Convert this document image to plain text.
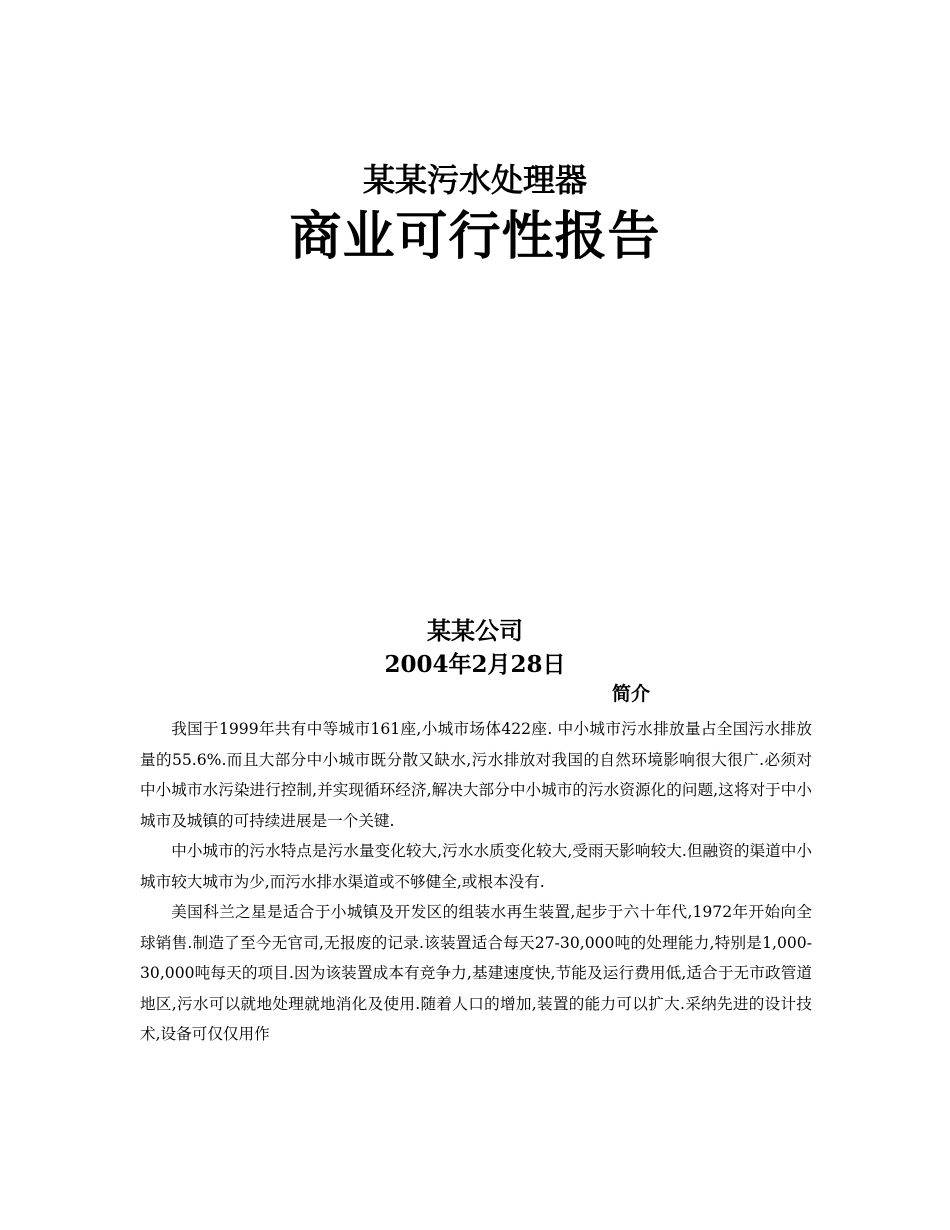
某某污水处理器
商业可行性报告
某某公司
2004年2月28日
简介

我国于1999年共有中等城市161座,小城市场体422座. 中小城市污水排放量占全国污水排放量的55.6%.而且大部分中小城市既分散又缺水,污水排放对我国的自然环境影响很大很广.必须对中小城市水污染进行控制,并实现循环经济,解决大部分中小城市的污水资源化的问题,这将对于中小城市及城镇的可持续进展是一个关键.

中小城市的污水特点是污水量变化较大,污水水质变化较大,受雨天影响较大.但融资的渠道中小城市较大城市为少,而污水排水渠道或不够健全,或根本没有.

美国科兰之星是适合于小城镇及开发区的组装水再生装置,起步于六十年代,1972年开始向全球销售.制造了至今无官司,无报废的记录.该装置适合每天27-30,000吨的处理能力,特别是1,000-30,000吨每天的项目.因为该装置成本有竞争力,基建速度快,节能及运行费用低,适合于无市政管道地区,污水可以就地处理就地消化及使用.随着人口的增加,装置的能力可以扩大.采纳先进的设计技术,设备可仅仅用作
